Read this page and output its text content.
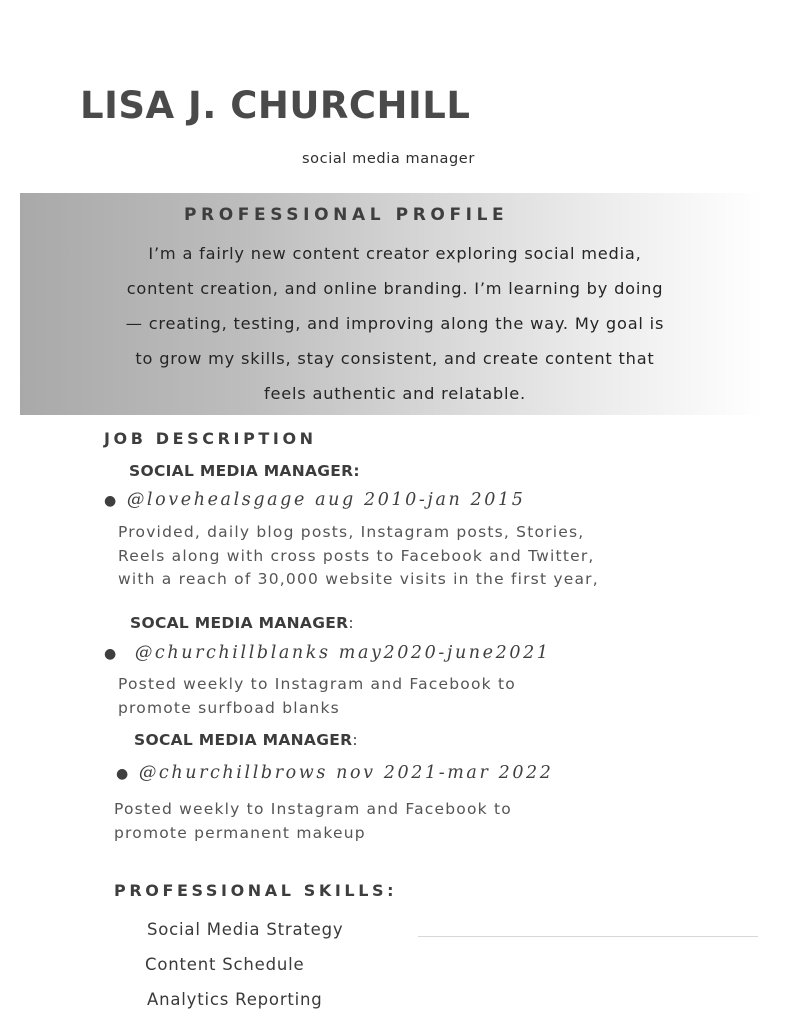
LISA J. CHURCHILL
social media manager
PROFESSIONAL PROFILE
I’m a fairly new content creator exploring social media,
content creation, and online branding. I’m learning by doing
— creating, testing, and improving along the way. My goal is
to grow my skills, stay consistent, and create content that
feels authentic and relatable.
JOB DESCRIPTION
SOCIAL MEDIA MANAGER:
● @lovehealsgage aug 2010-jan 2015
Provided, daily blog posts, Instagram posts, Stories,
Reels along with cross posts to Facebook and Twitter,
with a reach of 30,000 website visits in the first year,
SOCAL MEDIA MANAGER:
● @churchillblanks may2020-june2021
Posted weekly to Instagram and Facebook to
promote surfboad blanks
SOCAL MEDIA MANAGER:
● @churchillbrows nov 2021-mar 2022
Posted weekly to Instagram and Facebook to
promote permanent makeup
PROFESSIONAL SKILLS:
Social Media Strategy
Content Schedule
Analytics Reporting
